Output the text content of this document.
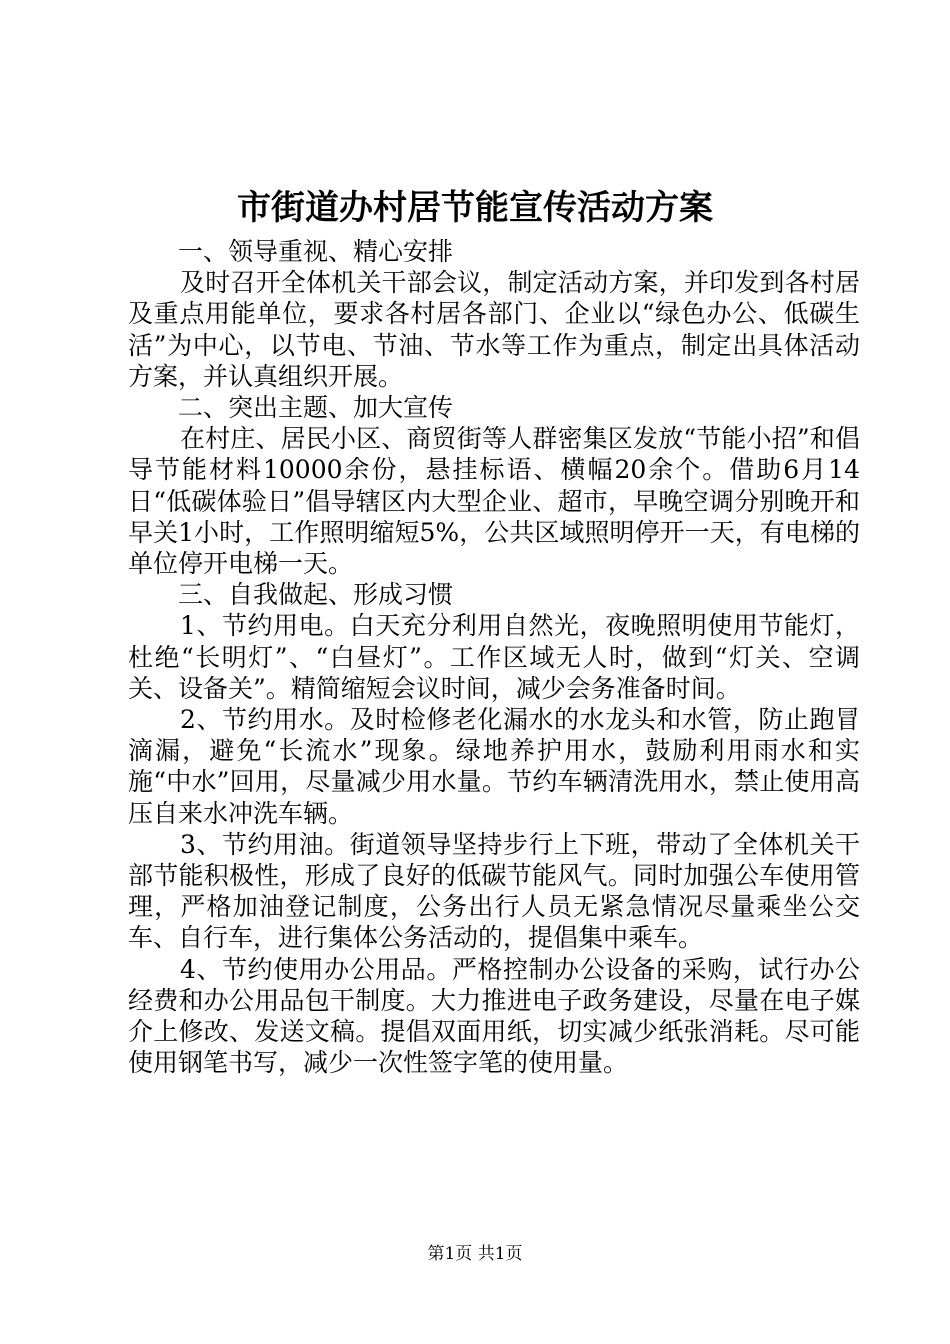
市街道办村居节能宣传活动方案

一、领导重视、精心安排

及时召开全体机关干部会议，制定活动方案，并印发到各村居及重点用能单位，要求各村居各部门、企业以“绿色办公、低碳生活”为中心，以节电、节油、节水等工作为重点，制定出具体活动方案，并认真组织开展。

二、突出主题、加大宣传

在村庄、居民小区、商贸街等人群密集区发放“节能小招”和倡导节能材料10000余份，悬挂标语、横幅20余个。借助6月14日“低碳体验日”倡导辖区内大型企业、超市，早晚空调分别晚开和早关1小时，工作照明缩短5%，公共区域照明停开一天，有电梯的单位停开电梯一天。

三、自我做起、形成习惯

1、节约用电。白天充分利用自然光，夜晚照明使用节能灯，杜绝“长明灯”、“白昼灯”。工作区域无人时，做到“灯关、空调关、设备关”。精简缩短会议时间，减少会务准备时间。

2、节约用水。及时检修老化漏水的水龙头和水管，防止跑冒滴漏，避免“长流水”现象。绿地养护用水，鼓励利用雨水和实施“中水”回用，尽量减少用水量。节约车辆清洗用水，禁止使用高压自来水冲洗车辆。

3、节约用油。街道领导坚持步行上下班，带动了全体机关干部节能积极性，形成了良好的低碳节能风气。同时加强公车使用管理，严格加油登记制度，公务出行人员无紧急情况尽量乘坐公交车、自行车，进行集体公务活动的，提倡集中乘车。

4、节约使用办公用品。严格控制办公设备的采购，试行办公经费和办公用品包干制度。大力推进电子政务建设，尽量在电子媒介上修改、发送文稿。提倡双面用纸，切实减少纸张消耗。尽可能使用钢笔书写，减少一次性签字笔的使用量。

第1页 共1页
